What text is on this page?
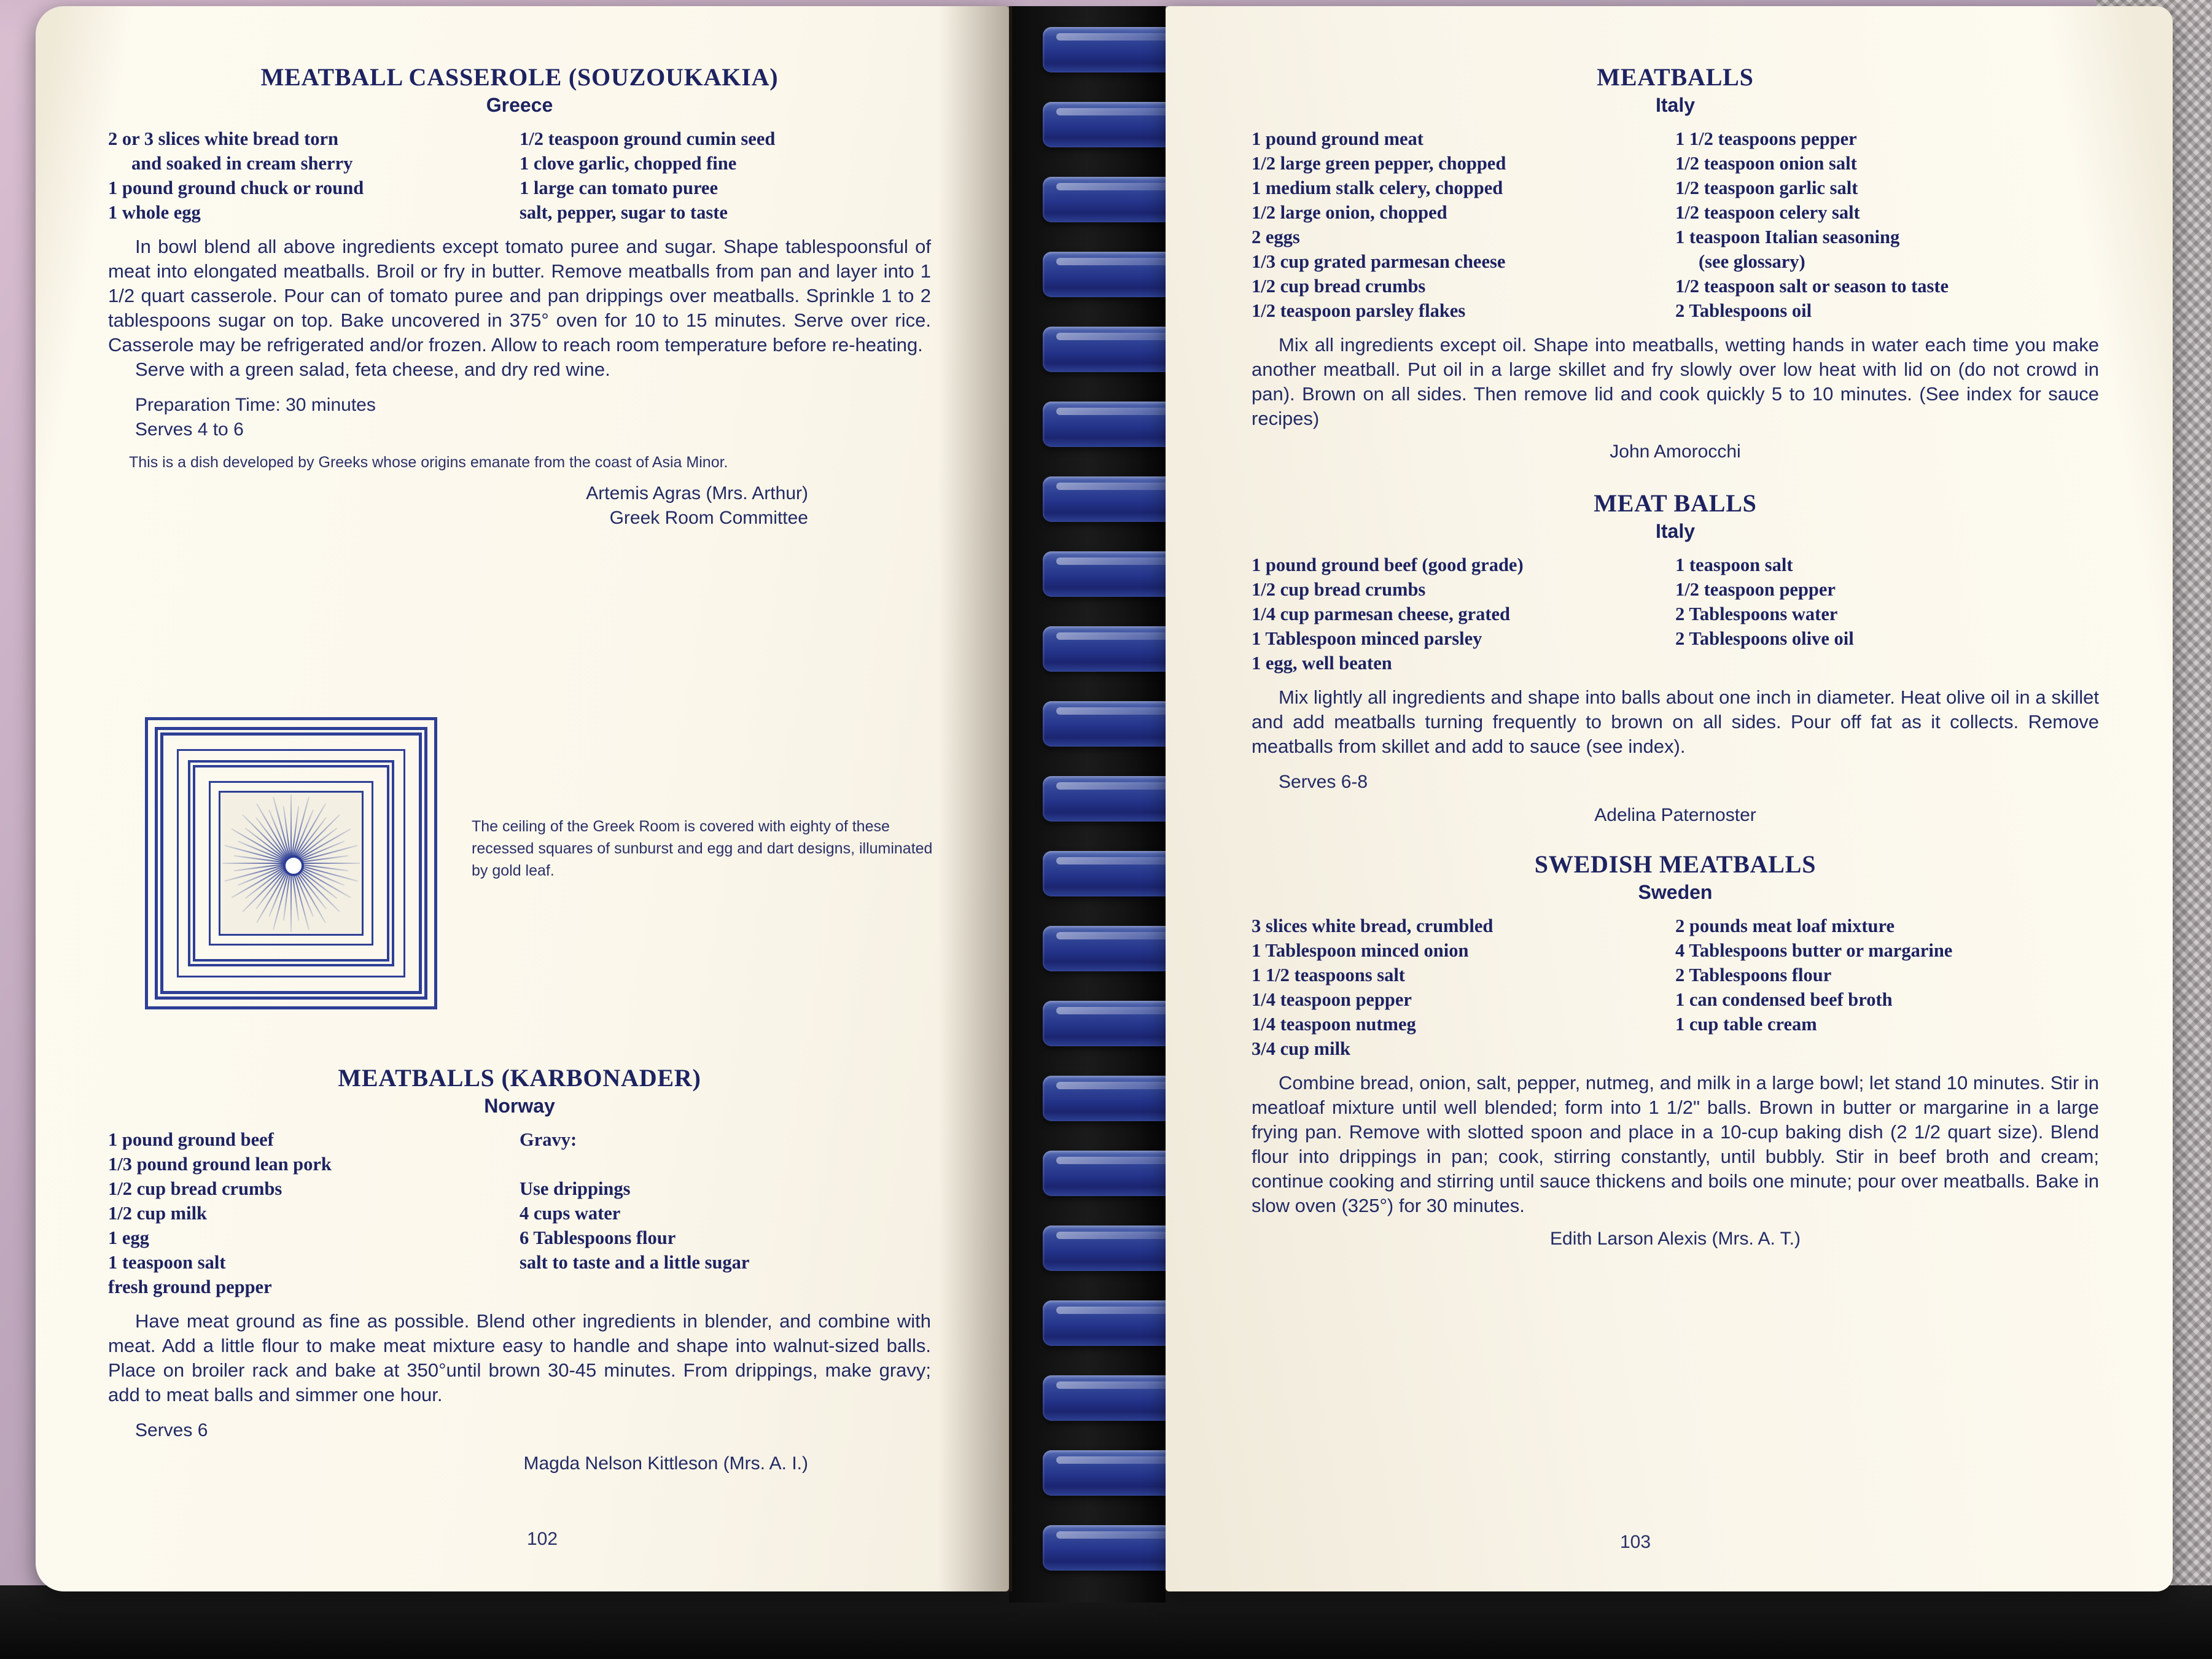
MEATBALL CASSEROLE (SOUZOUKAKIA)
Greece
2 or 3 slices white bread torn
and soaked in cream sherry
1 pound ground chuck or round
1 whole egg
1/2 teaspoon ground cumin seed
1 clove garlic, chopped fine
1 large can tomato puree
salt, pepper, sugar to taste

In bowl blend all above ingredients except tomato puree and sugar. Shape tablespoonsful of meat into elongated meatballs. Broil or fry in butter. Remove meatballs from pan and layer into 1 1/2 quart casserole. Pour can of tomato puree and pan drippings over meatballs. Sprinkle 1 to 2 tablespoons sugar on top. Bake uncovered in 375° oven for 10 to 15 minutes. Serve over rice. Casserole may be refrigerated and/or frozen. Allow to reach room temperature before re-heating.

Serve with a green salad, feta cheese, and dry red wine.

Preparation Time: 30 minutes
Serves 4 to 6
This is a dish developed by Greeks whose origins emanate from the coast of Asia Minor.
Artemis Agras (Mrs. Arthur)
Greek Room Committee
The ceiling of the Greek Room is covered with eighty of these recessed squares of sunburst and egg and dart designs, illuminated by gold leaf.
MEATBALLS (KARBONADER)
Norway
1 pound ground beef
1/3 pound ground lean pork
1/2 cup bread crumbs
1/2 cup milk
1 egg
1 teaspoon salt
fresh ground pepper
Gravy:

Use drippings
4 cups water
6 Tablespoons flour
salt to taste and a little sugar

Have meat ground as fine as possible. Blend other ingredients in blender, and combine with meat. Add a little flour to make meat mixture easy to handle and shape into walnut-sized balls. Place on broiler rack and bake at 350°until brown 30-45 minutes. From drippings, make gravy; add to meat balls and simmer one hour.

Serves 6
Magda Nelson Kittleson (Mrs. A. I.)
102
MEATBALLS
Italy
1 pound ground meat
1/2 large green pepper, chopped
1 medium stalk celery, chopped
1/2 large onion, chopped
2 eggs
1/3 cup grated parmesan cheese
1/2 cup bread crumbs
1/2 teaspoon parsley flakes
1 1/2 teaspoons pepper
1/2 teaspoon onion salt
1/2 teaspoon garlic salt
1/2 teaspoon celery salt
1 teaspoon Italian seasoning
(see glossary)
1/2 teaspoon salt or season to taste
2 Tablespoons oil

Mix all ingredients except oil. Shape into meatballs, wetting hands in water each time you make another meatball. Put oil in a large skillet and fry slowly over low heat with lid on (do not crowd in pan). Brown on all sides. Then remove lid and cook quickly 5 to 10 minutes. (See index for sauce recipes)

John Amorocchi
MEAT BALLS
Italy
1 pound ground beef (good grade)
1/2 cup bread crumbs
1/4 cup parmesan cheese, grated
1 Tablespoon minced parsley
1 egg, well beaten
1 teaspoon salt
1/2 teaspoon pepper
2 Tablespoons water
2 Tablespoons olive oil

Mix lightly all ingredients and shape into balls about one inch in diameter. Heat olive oil in a skillet and add meatballs turning frequently to brown on all sides. Pour off fat as it collects. Remove meatballs from skillet and add to sauce (see index).

Serves 6-8
Adelina Paternoster
SWEDISH MEATBALLS
Sweden
3 slices white bread, crumbled
1 Tablespoon minced onion
1 1/2 teaspoons salt
1/4 teaspoon pepper
1/4 teaspoon nutmeg
3/4 cup milk
2 pounds meat loaf mixture
4 Tablespoons butter or margarine
2 Tablespoons flour
1 can condensed beef broth
1 cup table cream

Combine bread, onion, salt, pepper, nutmeg, and milk in a large bowl; let stand 10 minutes. Stir in meatloaf mixture until well blended; form into 1 1/2" balls. Brown in butter or margarine in a large frying pan. Remove with slotted spoon and place in a 10-cup baking dish (2 1/2 quart size). Blend flour into drippings in pan; cook, stirring constantly, until bubbly. Stir in beef broth and cream; continue cooking and stirring until sauce thickens and boils one minute; pour over meatballs. Bake in slow oven (325°) for 30 minutes.

Edith Larson Alexis (Mrs. A. T.)
103
